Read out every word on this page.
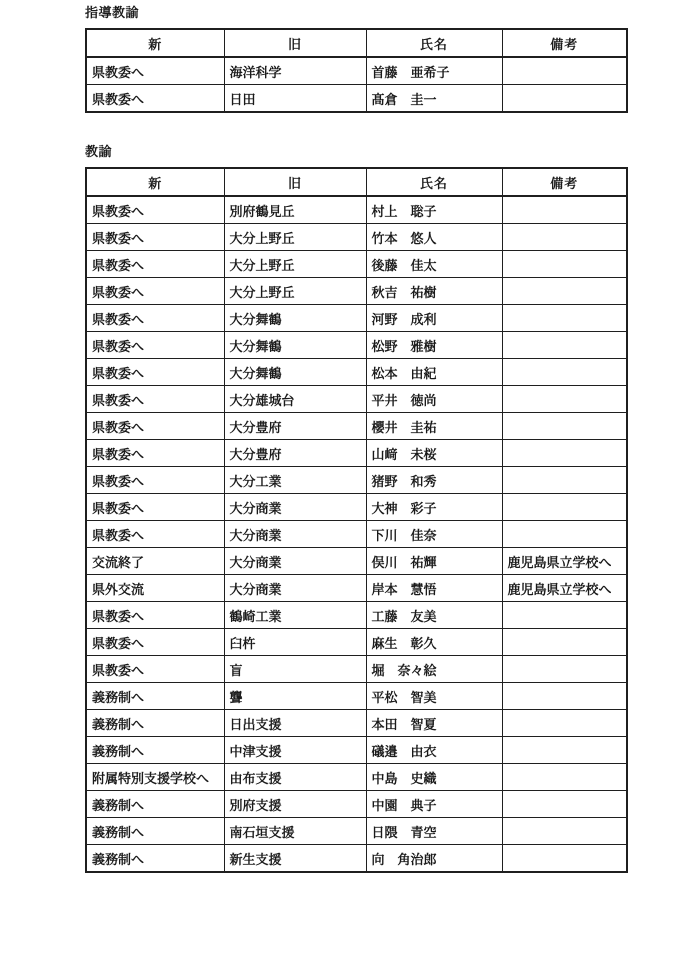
指導教諭
新	旧	氏名	備考
県教委へ	海洋科学	首藤　亜希子	
県教委へ	日田	髙倉　圭一	
教諭
新	旧	氏名	備考
県教委へ	別府鶴見丘	村上　聡子	
県教委へ	大分上野丘	竹本　悠人	
県教委へ	大分上野丘	後藤　佳太	
県教委へ	大分上野丘	秋吉　祐樹	
県教委へ	大分舞鶴	河野　成利	
県教委へ	大分舞鶴	松野　雅樹	
県教委へ	大分舞鶴	松本　由紀	
県教委へ	大分雄城台	平井　徳尚	
県教委へ	大分豊府	櫻井　圭祐	
県教委へ	大分豊府	山﨑　未桜	
県教委へ	大分工業	猪野　和秀	
県教委へ	大分商業	大神　彩子	
県教委へ	大分商業	下川　佳奈	
交流終了	大分商業	俣川　祐輝	鹿児島県立学校へ
県外交流	大分商業	岸本　慧悟	鹿児島県立学校へ
県教委へ	鶴崎工業	工藤　友美	
県教委へ	臼杵	麻生　彰久	
県教委へ	盲	堀　奈々絵	
義務制へ	聾	平松　智美	
義務制へ	日出支援	本田　智夏	
義務制へ	中津支援	礒邉　由衣	
附属特別支援学校へ	由布支援	中島　史織	
義務制へ	別府支援	中園　典子	
義務制へ	南石垣支援	日隈　青空	
義務制へ	新生支援	向　角治郎	
